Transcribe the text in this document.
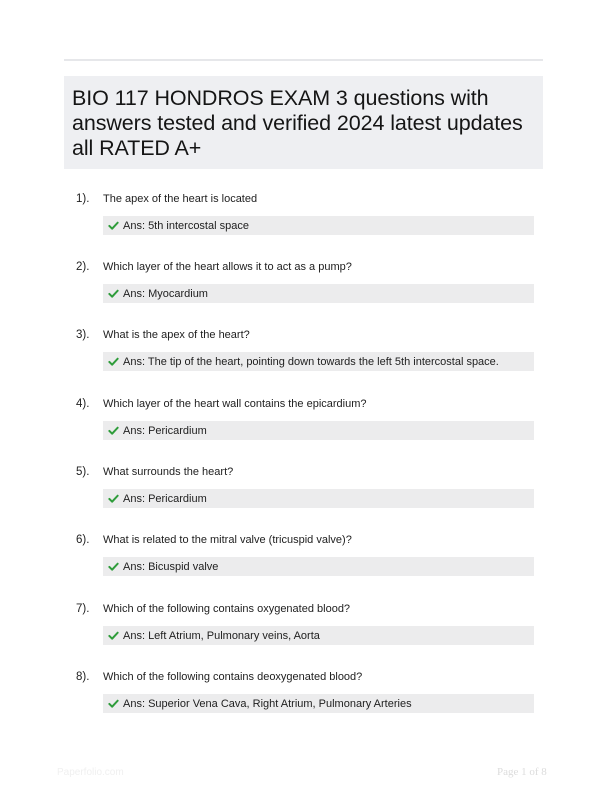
BIO 117 HONDROS EXAM 3 questions with
answers tested and verified 2024 latest updates
all RATED A+

1). The apex of the heart is located
Ans: 5th intercostal space
2). Which layer of the heart allows it to act as a pump?
Ans: Myocardium
3). What is the apex of the heart?
Ans: The tip of the heart, pointing down towards the left 5th intercostal space.
4). Which layer of the heart wall contains the epicardium?
Ans: Pericardium
5). What surrounds the heart?
Ans: Pericardium
6). What is related to the mitral valve (tricuspid valve)?
Ans: Bicuspid valve
7). Which of the following contains oxygenated blood?
Ans: Left Atrium, Pulmonary veins, Aorta
8). Which of the following contains deoxygenated blood?
Ans: Superior Vena Cava, Right Atrium, Pulmonary Arteries
Paperfolio.com	Page 1 of 8
